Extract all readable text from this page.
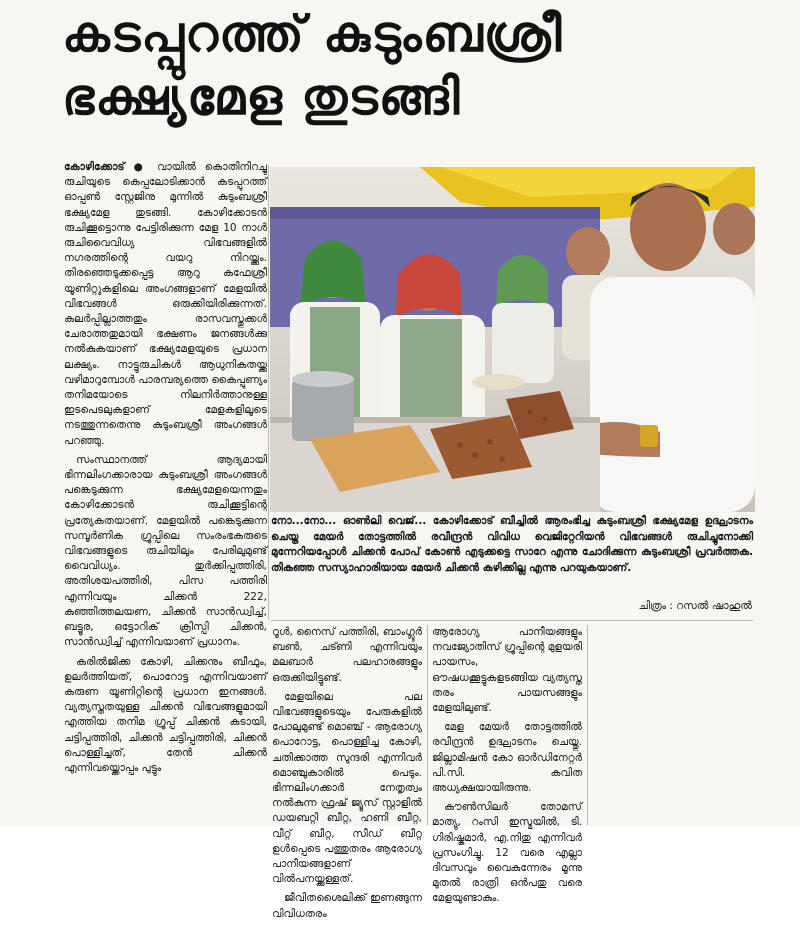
കടപ്പുറത്ത് കുടുംബശ്രീ
ഭക്ഷ്യമേള തുടങ്ങി

കോഴിക്കോട് ● വായിൽ കൊതിനിറച്ചു രുചിയുടെ കെപ്പലോടിക്കാൻ കടപ്പുറത്ത് ഓപ്പൺ സ്റ്റേജിനു മുന്നിൽ കുടുംബശ്രീ ഭക്ഷ്യമേള തുടങ്ങി. കോഴിക്കോടൻ രുചിക്കൂട്ടൊന്നു പേട്ടിരിക്കുന്ന മേള 10 നാൾ രുചിവൈവിധ്യ വിഭവങ്ങളിൽ നഗരത്തിന്റെ വയറു നിറയ്ക്കും. തിരഞ്ഞെടുക്കപ്പെട്ട ആറു കഫേശ്രീ യൂണിറ്റുകളിലെ അംഗങ്ങളാണ് മേളയിൽ വിഭവങ്ങൾ ഒരുക്കിയിരിക്കുന്നത്. കലർപ്പില്ലാത്തതും രാസവസ്തുക്കൾ ചേരാത്തതുമായി ഭക്ഷണം ജനങ്ങൾക്കു നൽകുകയാണ് ഭക്ഷ്യമേളയുടെ പ്രധാന ലക്ഷ്യം. നാട്ടുരുചികൾ ആധുനികതയ്ക്കു വഴിമാറുമ്പോൾ പാരമ്പര്യത്തെ കൈപ്പുണ്യം തനിമയോടെ നിലനിർത്താനുള്ള ഇടപെടലുകളാണ് മേളകളിലൂടെ നടത്തുന്നതെന്നു കുടുംബശ്രീ അംഗങ്ങൾ പറഞ്ഞു.

സംസ്ഥാനത്ത് ആദ്യമായി ഭിന്നലിംഗക്കാരായ കുടുംബശ്രീ അംഗങ്ങൾ പങ്കെടുക്കുന്ന ഭക്ഷ്യമേളയെന്നതും കോഴിക്കോടൻ രുചിക്കൂട്ടിന്റെ പ്രത്യേകതയാണ്. മേളയിൽ പങ്കെടുക്കുന്ന സമ്പൂർണിക ഗ്രൂപ്പിലെ സംരംഭകരുടെ വിഭവങ്ങളുടെ രുചിയിലും പേരിലുമുണ്ട് വൈവിധ്യം. തുർക്കിപ്പത്തിരി, അതിശയപത്തിരി, പിസ പത്തിരി എന്നിവയും ചിക്കൻ 222, കുഞ്ഞിത്തലയണ, ചിക്കൻ സാൻഡ്വിച്ച്, ബട്ടൂര, ഒട്ടോറിക് ക്രിസ്പി ചിക്കൻ, സാൻഡ്വിച്ച് എന്നിവയാണ് പ്രധാനം.

കരിൽജിക്ക കോഴി, ചിക്കനും ബീഫും, ഉലർത്തിയത്, പൊറോട്ട എന്നിവയാണ് കരുണ യൂണിറ്റിന്റെ പ്രധാന ഇനങ്ങൾ. വ്യത്യസ്തതയുള്ള ചിക്കൻ വിഭവങ്ങളുമായി എത്തിയ തനിമ ഗ്രൂപ്പ് ചിക്കൻ കടായി, ചട്ടിപ്പത്തിരി, ചിക്കൻ ചട്ടിപ്പത്തിരി, ചിക്കൻ പൊള്ളിച്ചത്, തേൻ ചിക്കൻ എന്നിവയ്ക്കൊപ്പം പുട്ടും

നോ...നോ... ഓൺലി വെജ്... കോഴിക്കോട് ബീച്ചിൽ ആരംഭിച്ച കുടുംബശ്രീ ഭക്ഷ്യമേള ഉദ്ഘാടനം ചെയ്ത മേയർ തോട്ടത്തിൽ രവീന്ദ്രൻ വിവിധ വെജിറ്റേറിയൻ വിഭവങ്ങൾ രുചിച്ചുനോക്കി മുന്നേറിയപ്പോൾ ചിക്കൻ പോപ് കോൺ എടുക്കട്ടെ സാറേ എന്നു ചോദിക്കുന്ന കുടുംബശ്രീ പ്രവർത്തക. തികഞ്ഞ സസ്യാഹാരിയായ മേയർ ചിക്കൻ കഴിക്കില്ല എന്നു പറയുകയാണ്.
ചിത്രം : റസൽ ഷാഹുൽ

റൂൾ, നൈസ് പത്തിരി, ബാംഗ്ലൂർ ബൺ, ചട്ണി എന്നിവയും മലബാർ പലഹാരങ്ങളും ഒരുക്കിയിട്ടുണ്ട്.

മേളയിലെ പല വിഭവങ്ങളുടെയും പേരുകളിൽ പോലുമുണ്ട് മൊഞ്ച് - ആരോഗ്യ പൊറോട്ട, പൊള്ളിച്ച കോഴി, ചതിക്കാത്ത സുന്ദരി എന്നിവർ മൊഞ്ചുകാരിൽ പെടും. ഭിന്നലിംഗക്കാർ നേതൃത്വം നൽകുന്ന ഫ്രഷ് ജ്യൂസ് സ്റ്റാളിൽ ഡയബറ്റി ബീറ്റ, ഹണി ബീറ്റ, വീറ്റ് ബീറ്റ, സീഡ് ബീറ്റ ഉൾപ്പെടെ പത്തുതരം ആരോഗ്യ പാനീയങ്ങളാണ് വിൽപനയ്ക്കുള്ളത്.

ജീവിതശൈലിക്ക് ഇണങ്ങുന്ന വിവിധതരം

ആരോഗ്യ പാനീയങ്ങളും നവജ്യോതിസ് ഗ്രൂപ്പിന്റെ മുളയരി പായസം, ഔഷധക്കൂട്ടുകളടങ്ങിയ വ്യത്യസ്ത തരം പായസങ്ങളും മേളയിലുണ്ട്.

മേള മേയർ തോട്ടത്തിൽ രവീന്ദ്രൻ ഉദ്ഘാടനം ചെയ്തു. ജില്ലാമിഷൻ കോ ഓർഡിനേറ്റർ പി.സി. കവിത അധ്യക്ഷയായിരുന്നു.

കൗൺസിലർ തോമസ് മാത്യു, റംസി ഇസ്മയിൽ, ടി. ഗിരിഷ്കുമാർ, എ.നിതു എന്നിവർ പ്രസംഗിച്ചു. 12 വരെ എല്ലാ ദിവസവും വൈകുന്നേരം മൂന്നു മുതൽ രാത്രി ഒൻപതു വരെ മേളയുണ്ടാകും.
